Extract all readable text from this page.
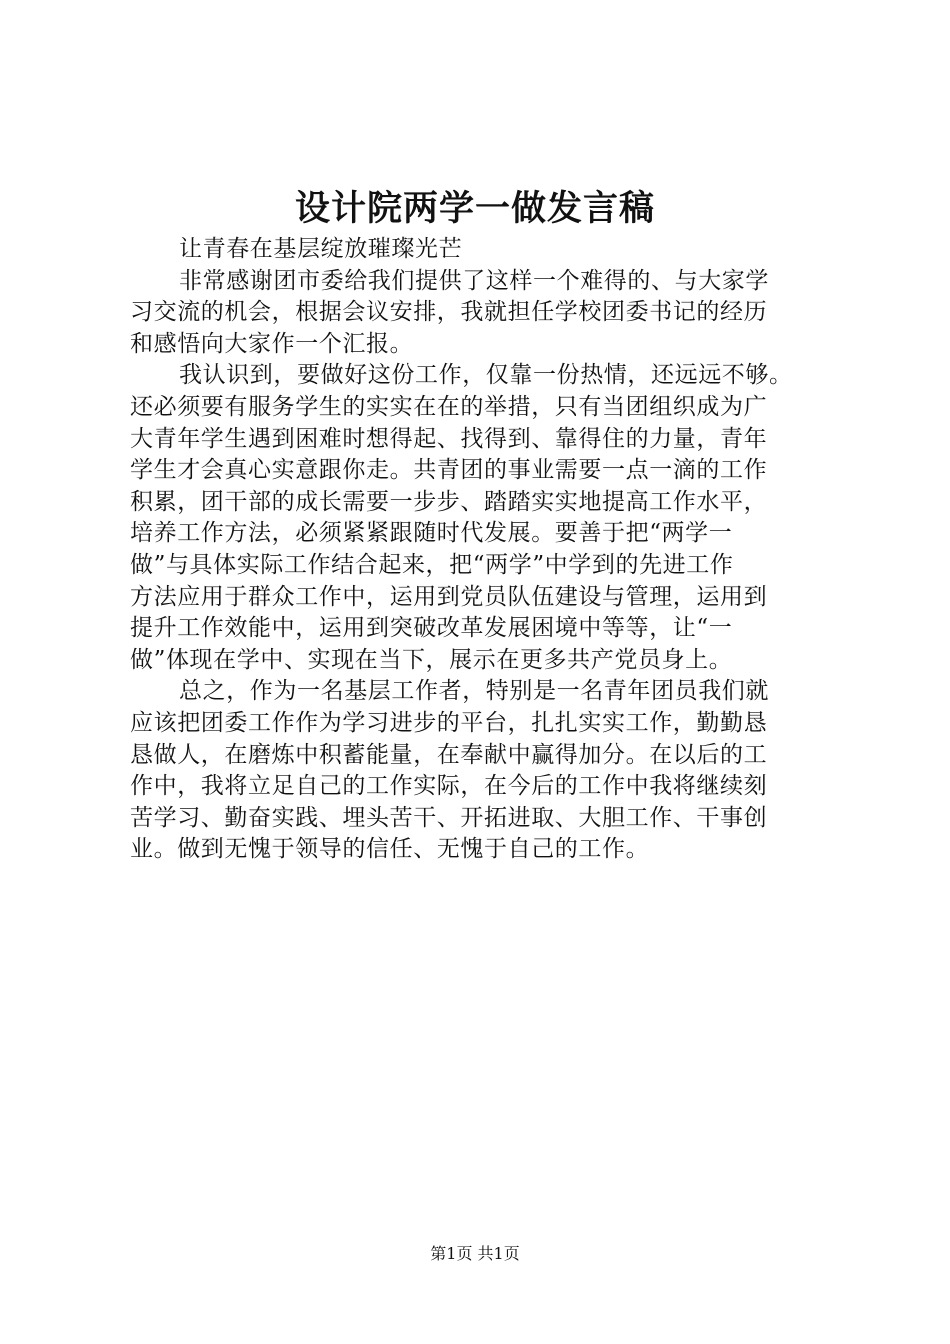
设计院两学一做发言稿
让青春在基层绽放璀璨光芒
非常感谢团市委给我们提供了这样一个难得的、与大家学
习交流的机会，根据会议安排，我就担任学校团委书记的经历
和感悟向大家作一个汇报。
我认识到，要做好这份工作，仅靠一份热情，还远远不够。
还必须要有服务学生的实实在在的举措，只有当团组织成为广
大青年学生遇到困难时想得起、找得到、靠得住的力量，青年
学生才会真心实意跟你走。共青团的事业需要一点一滴的工作
积累，团干部的成长需要一步步、踏踏实实地提高工作水平，
培养工作方法，必须紧紧跟随时代发展。要善于把“两学一
做”与具体实际工作结合起来，把“两学”中学到的先进工作
方法应用于群众工作中，运用到党员队伍建设与管理，运用到
提升工作效能中，运用到突破改革发展困境中等等，让“一
做”体现在学中、实现在当下，展示在更多共产党员身上。
总之，作为一名基层工作者，特别是一名青年团员我们就
应该把团委工作作为学习进步的平台，扎扎实实工作，勤勤恳
恳做人，在磨炼中积蓄能量，在奉献中赢得加分。在以后的工
作中，我将立足自己的工作实际，在今后的工作中我将继续刻
苦学习、勤奋实践、埋头苦干、开拓进取、大胆工作、干事创
业。做到无愧于领导的信任、无愧于自己的工作。
第1页 共1页
